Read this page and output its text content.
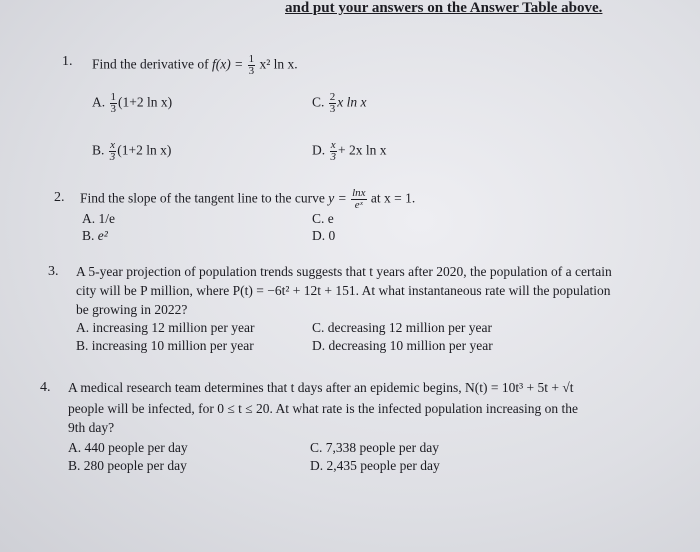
and put your answers on the Answer Table above.
1. Find the derivative of $f(x) = \frac{1}{3} x^2$ ln x.
A. $\frac{1}{3} (1+2$ ln x)
B. $\frac{x}{3} (1+2$ ln x)
C. $\frac{2}{3}$ x ln x
D. $\frac{x}{3} + 2x$ ln x
2. Find the slope of the tangent line to the curve $y = \frac{\ln x}{\text{eˣ}}$ at x = 1.
A. 1/e
B. e²
C. e
D. 0
3. A 5-year projection of population trends suggests that t years after 2020, the population of a certain
city will be P million, where P(t) = −6t² + 12t + 151. At what instantaneous rate will the population
be growing in 2022?
A. increasing 12 million per year
B. increasing 10 million per year
C. decreasing 12 million per year
D. decreasing 10 million per year
4. A medical research team determines that t days after an epidemic begins, N(t) = 10t³ + 5t + √t
people will be infected, for 0 ≤ t ≤ 20. At what rate is the infected population increasing on the
9th day?
A. 440 people per day
B. 280 people per day
C. 7,338 people per day
D. 2,435 people per day
